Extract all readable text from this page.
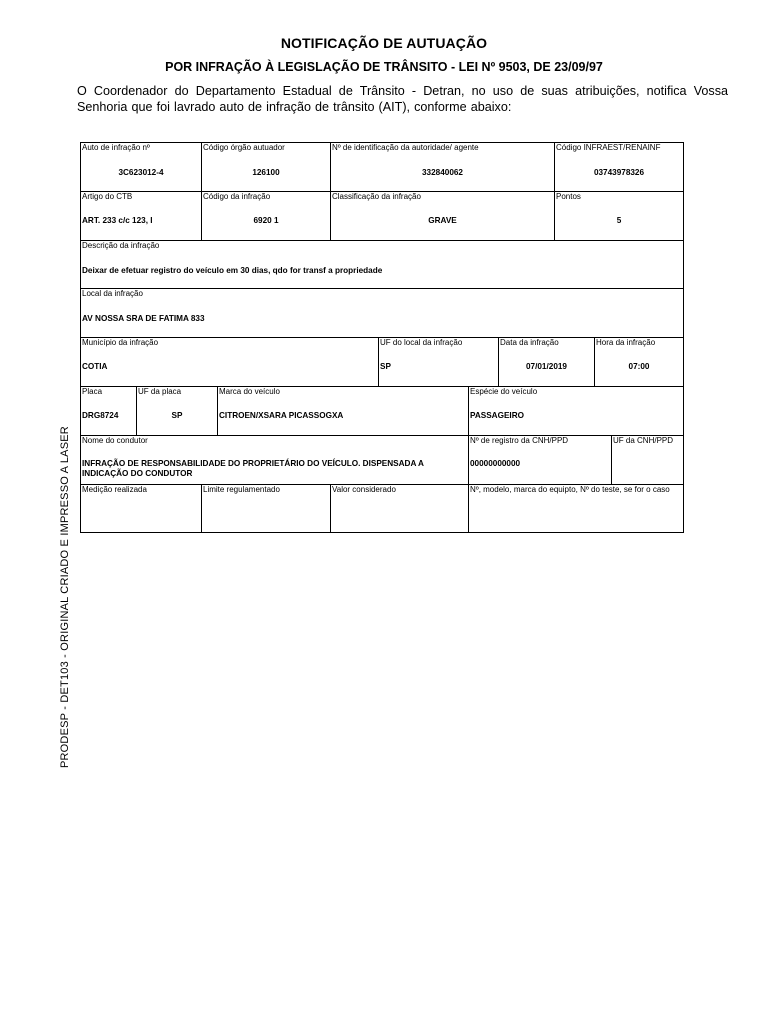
NOTIFICAÇÃO DE AUTUAÇÃO
POR INFRAÇÃO À LEGISLAÇÃO DE TRÂNSITO - LEI Nº 9503, DE 23/09/97
O Coordenador do Departamento Estadual de Trânsito - Detran, no uso de suas atribuições, notifica Vossa Senhoria que foi lavrado auto de infração de trânsito (AIT), conforme abaixo:
Auto de infração nº
3C623012-4
Código órgão autuador
126100
Nº de identificação da autoridade/ agente
332840062
Código INFRAEST/RENAINF
03743978326
Artigo do CTB
ART. 233 c/c 123, I
Código da infração
6920 1
Classificação da infração
GRAVE
Pontos
5
Descrição da infração
Deixar de efetuar registro do veículo em 30 dias, qdo for transf a propriedade
Local da infração
AV NOSSA SRA DE FATIMA 833
Município da infração
COTIA
UF do local da infração
SP
Data da infração
07/01/2019
Hora da infração
07:00
Placa
DRG8724
UF da placa
SP
Marca do veículo
CITROEN/XSARA PICASSOGXA
Espécie do veículo
PASSAGEIRO
Nome do condutor
INFRAÇÃO DE RESPONSABILIDADE DO PROPRIETÁRIO DO VEÍCULO. DISPENSADA A INDICAÇÃO DO CONDUTOR
Nº de registro da CNH/PPD
00000000000
UF da CNH/PPD
Medição realizada	Limite regulamentado	Valor considerado	Nº, modelo, marca do equipto, Nº do teste, se for o caso
PRODESP - DET103 - ORIGINAL CRIADO E IMPRESSO A LASER
